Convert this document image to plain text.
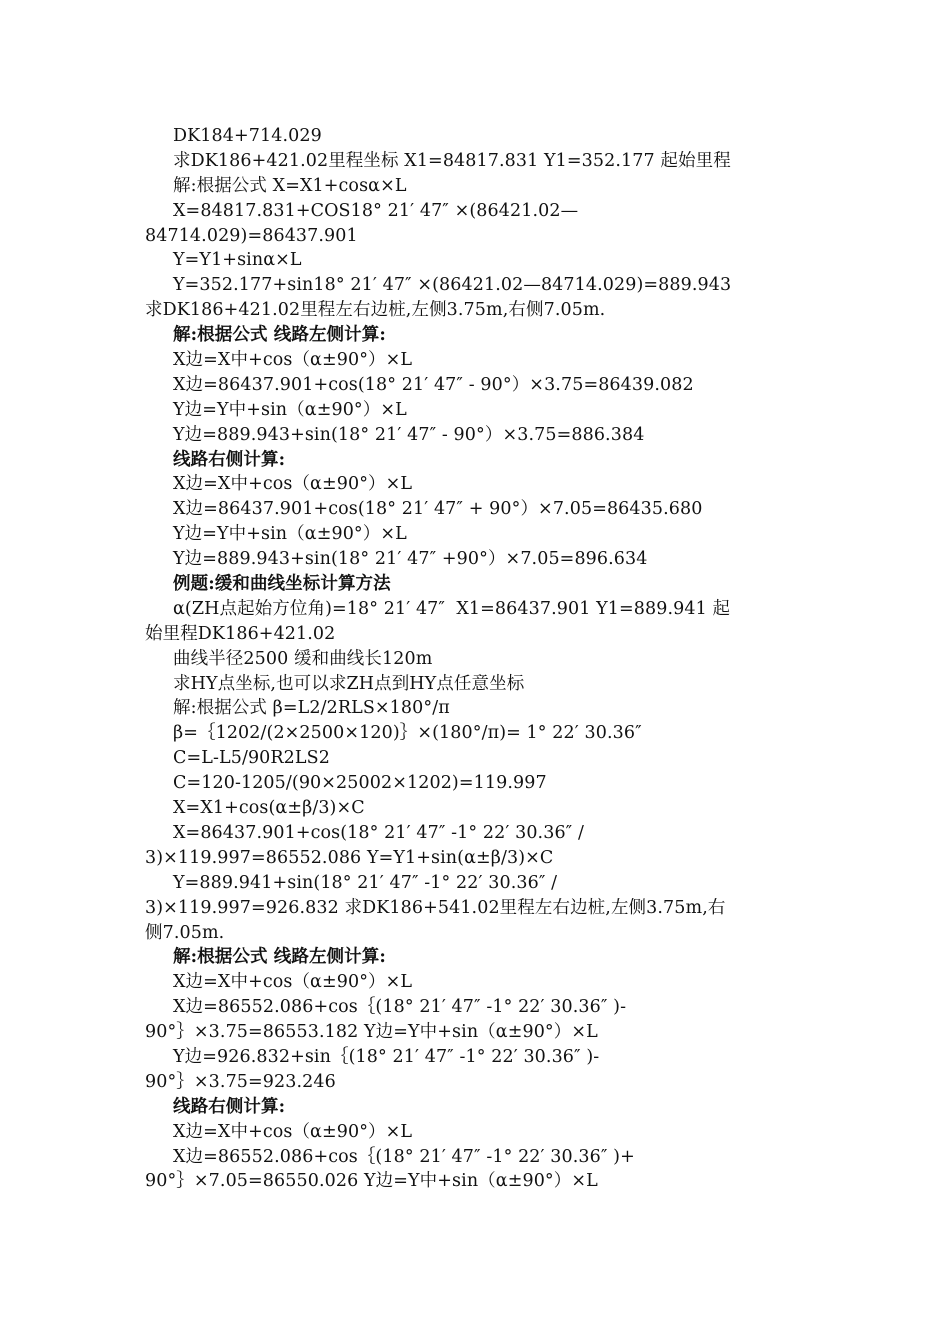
DK184+714.029
求DK186+421.02里程坐标 X1=84817.831 Y1=352.177 起始里程
解:根据公式 X=X1+cosα×L
X=84817.831+COS18° 21′ 47″ ×(86421.02—
84714.029)=86437.901
Y=Y1+sinα×L
Y=352.177+sin18° 21′ 47″ ×(86421.02—84714.029)=889.943
求DK186+421.02里程左右边桩,左侧3.75m,右侧7.05m.
解:根据公式 线路左侧计算:
X边=X中+cos（α±90°）×L
X边=86437.901+cos(18° 21′ 47″ - 90°）×3.75=86439.082
Y边=Y中+sin（α±90°）×L
Y边=889.943+sin(18° 21′ 47″ - 90°）×3.75=886.384
线路右侧计算:
X边=X中+cos（α±90°）×L
X边=86437.901+cos(18° 21′ 47″ + 90°）×7.05=86435.680
Y边=Y中+sin（α±90°）×L
Y边=889.943+sin(18° 21′ 47″ +90°）×7.05=896.634
例题:缓和曲线坐标计算方法
α(ZH点起始方位角)=18° 21′ 47″  X1=86437.901 Y1=889.941 起
始里程DK186+421.02
曲线半径2500 缓和曲线长120m
求HY点坐标,也可以求ZH点到HY点任意坐标
解:根据公式 β=L2/2RLS×180°/π
β=｛1202/(2×2500×120)｝×(180°/π)= 1° 22′ 30.36″
C=L-L5/90R2LS2
C=120-1205/(90×25002×1202)=119.997
X=X1+cos(α±β/3)×C
X=86437.901+cos(18° 21′ 47″ -1° 22′ 30.36″ /
3)×119.997=86552.086 Y=Y1+sin(α±β/3)×C
Y=889.941+sin(18° 21′ 47″ -1° 22′ 30.36″ /
3)×119.997=926.832 求DK186+541.02里程左右边桩,左侧3.75m,右
侧7.05m.
解:根据公式 线路左侧计算:
X边=X中+cos（α±90°）×L
X边=86552.086+cos｛(18° 21′ 47″ -1° 22′ 30.36″ )-
90°｝×3.75=86553.182 Y边=Y中+sin（α±90°）×L
Y边=926.832+sin｛(18° 21′ 47″ -1° 22′ 30.36″ )-
90°｝×3.75=923.246
线路右侧计算:
X边=X中+cos（α±90°）×L
X边=86552.086+cos｛(18° 21′ 47″ -1° 22′ 30.36″ )+
90°｝×7.05=86550.026 Y边=Y中+sin（α±90°）×L
